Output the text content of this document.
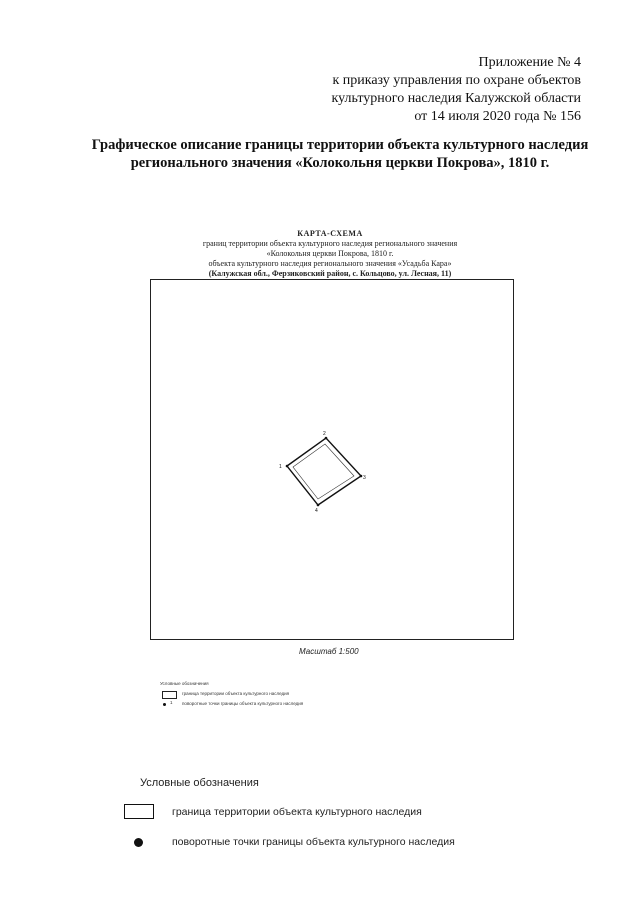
Приложение № 4
к приказу управления по охране объектов
культурного наследия Калужской области
от 14 июля 2020 года № 156
Графическое описание границы территории объекта культурного наследия
регионального значения «Колокольня церкви Покрова», 1810 г.
КАРТА-СХЕМА
границ территории объекта культурного наследия регионального значения
«Колокольня церкви Покрова, 1810 г.
объекта культурного наследия регионального значения «Усадьба Кара»
(Калужская обл., Ферзиковский район, с. Кольцово, ул. Лесная, 11)
1
2
3
4
Масштаб 1:500
Условные обозначения
граница территории объекта культурного наследия
1 поворотные точки границы объекта культурного наследия
Условные обозначения
граница территории объекта культурного наследия
поворотные точки границы объекта культурного наследия
